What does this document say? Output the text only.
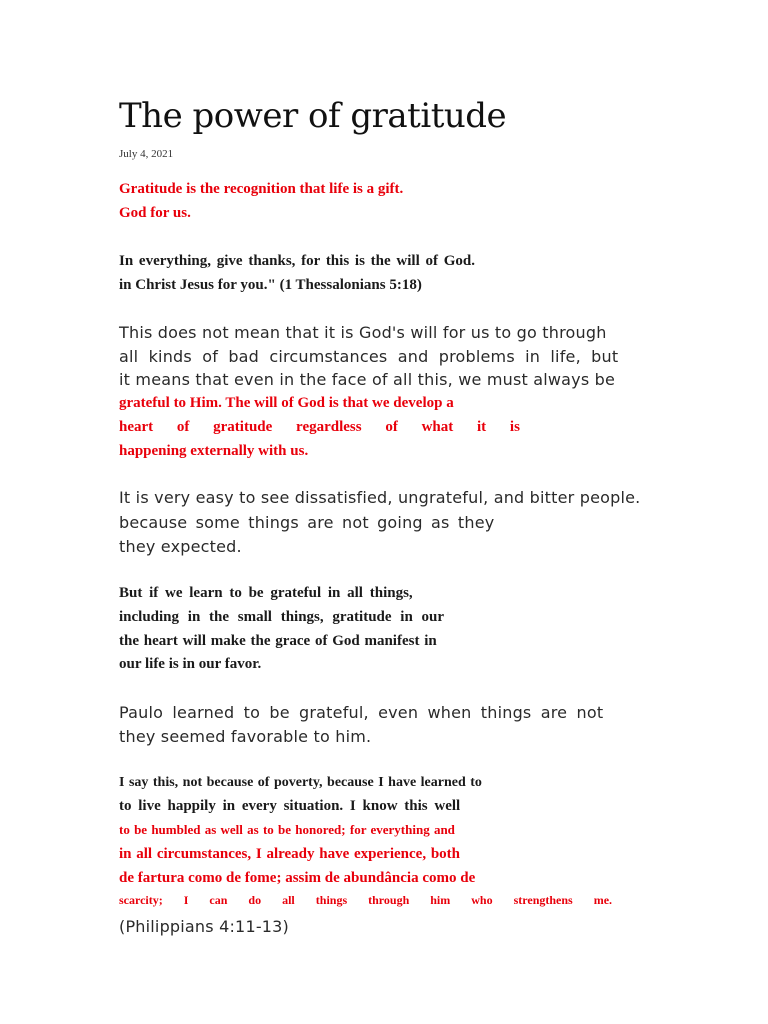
The power of gratitude
July 4, 2021
Gratitude is the recognition that life is a gift.
God for us.
In everything, give thanks, for this is the will of God.
in Christ Jesus for you." (1 Thessalonians 5:18)
This does not mean that it is God's will for us to go through
all kinds of bad circumstances and problems in life, but
it means that even in the face of all this, we must always be
grateful to Him. The will of God is that we develop a
heart of gratitude regardless of what it is
happening externally with us.
It is very easy to see dissatisfied, ungrateful, and bitter people.
because some things are not going as they
they expected.
But if we learn to be grateful in all things,
including in the small things, gratitude in our
the heart will make the grace of God manifest in
our life is in our favor.
Paulo learned to be grateful, even when things are not
they seemed favorable to him.
I say this, not because of poverty, because I have learned to
to live happily in every situation. I know this well
to be humbled as well as to be honored; for everything and
in all circumstances, I already have experience, both
de fartura como de fome; assim de abundância como de
scarcity; I can do all things through him who strengthens me.
(Philippians 4:11-13)
